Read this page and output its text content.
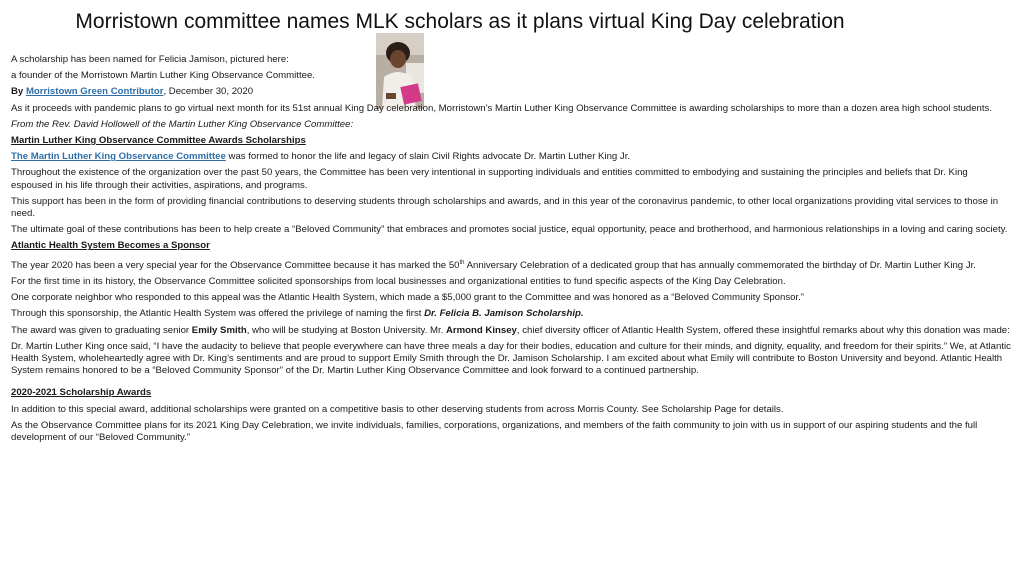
Morristown committee names MLK scholars as it plans virtual King Day celebration

A scholarship has been named for Felicia Jamison, pictured here:

a founder of the Morristown Martin Luther King Observance Committee.

By Morristown Green Contributor, December 30, 2020

As it proceeds with pandemic plans to go virtual next month for its 51st annual King Day celebration, Morristown’s Martin Luther King Observance Committee is awarding scholarships to more than a dozen area high school students.

From the Rev. David Hollowell of the Martin Luther King Observance Committee:

Martin Luther King Observance Committee Awards Scholarships

The Martin Luther King Observance Committee was formed to honor the life and legacy of slain Civil Rights advocate Dr. Martin Luther King Jr.

Throughout the existence of the organization over the past 50 years, the Committee has been very intentional in supporting individuals and entities committed to embodying and sustaining the principles and beliefs that Dr. King espoused in his life through their activities, aspirations, and programs.

This support has been in the form of providing financial contributions to deserving students through scholarships and awards, and in this year of the coronavirus pandemic, to other local organizations providing vital services to those in need.

The ultimate goal of these contributions has been to help create a “Beloved Community” that embraces and promotes social justice, equal opportunity, peace and brotherhood, and harmonious relationships in a loving and caring society.

Atlantic Health System Becomes a Sponsor

The year 2020 has been a very special year for the Observance Committee because it has marked the 50th Anniversary Celebration of a dedicated group that has annually commemorated the birthday of Dr. Martin Luther King Jr.

For the first time in its history, the Observance Committee solicited sponsorships from local businesses and organizational entities to fund specific aspects of the King Day Celebration.

One corporate neighbor who responded to this appeal was the Atlantic Health System, which made a $5,000 grant to the Committee and was honored as a “Beloved Community Sponsor.”

Through this sponsorship, the Atlantic Health System was offered the privilege of naming the first Dr. Felicia B. Jamison Scholarship.

The award was given to graduating senior Emily Smith, who will be studying at Boston University. Mr. Armond Kinsey, chief diversity officer of Atlantic Health System, offered these insightful remarks about why this donation was made:

Dr. Martin Luther King once said, “I have the audacity to believe that people everywhere can have three meals a day for their bodies, education and culture for their minds, and dignity, equality, and freedom for their spirits.” We, at Atlantic Health System, wholeheartedly agree with Dr. King’s sentiments and are proud to support Emily Smith through the Dr. Jamison Scholarship. I am excited about what Emily will contribute to Boston University and beyond. Atlantic Health System remains honored to be a “Beloved Community Sponsor” of the Dr. Martin Luther King Observance Committee and look forward to a continued partnership.

2020-2021 Scholarship Awards

In addition to this special award, additional scholarships were granted on a competitive basis to other deserving students from across Morris County. See Scholarship Page for details.

As the Observance Committee plans for its 2021 King Day Celebration, we invite individuals, families, corporations, organizations, and members of the faith community to join with us in support of our aspiring students and the full development of our “Beloved Community.”
